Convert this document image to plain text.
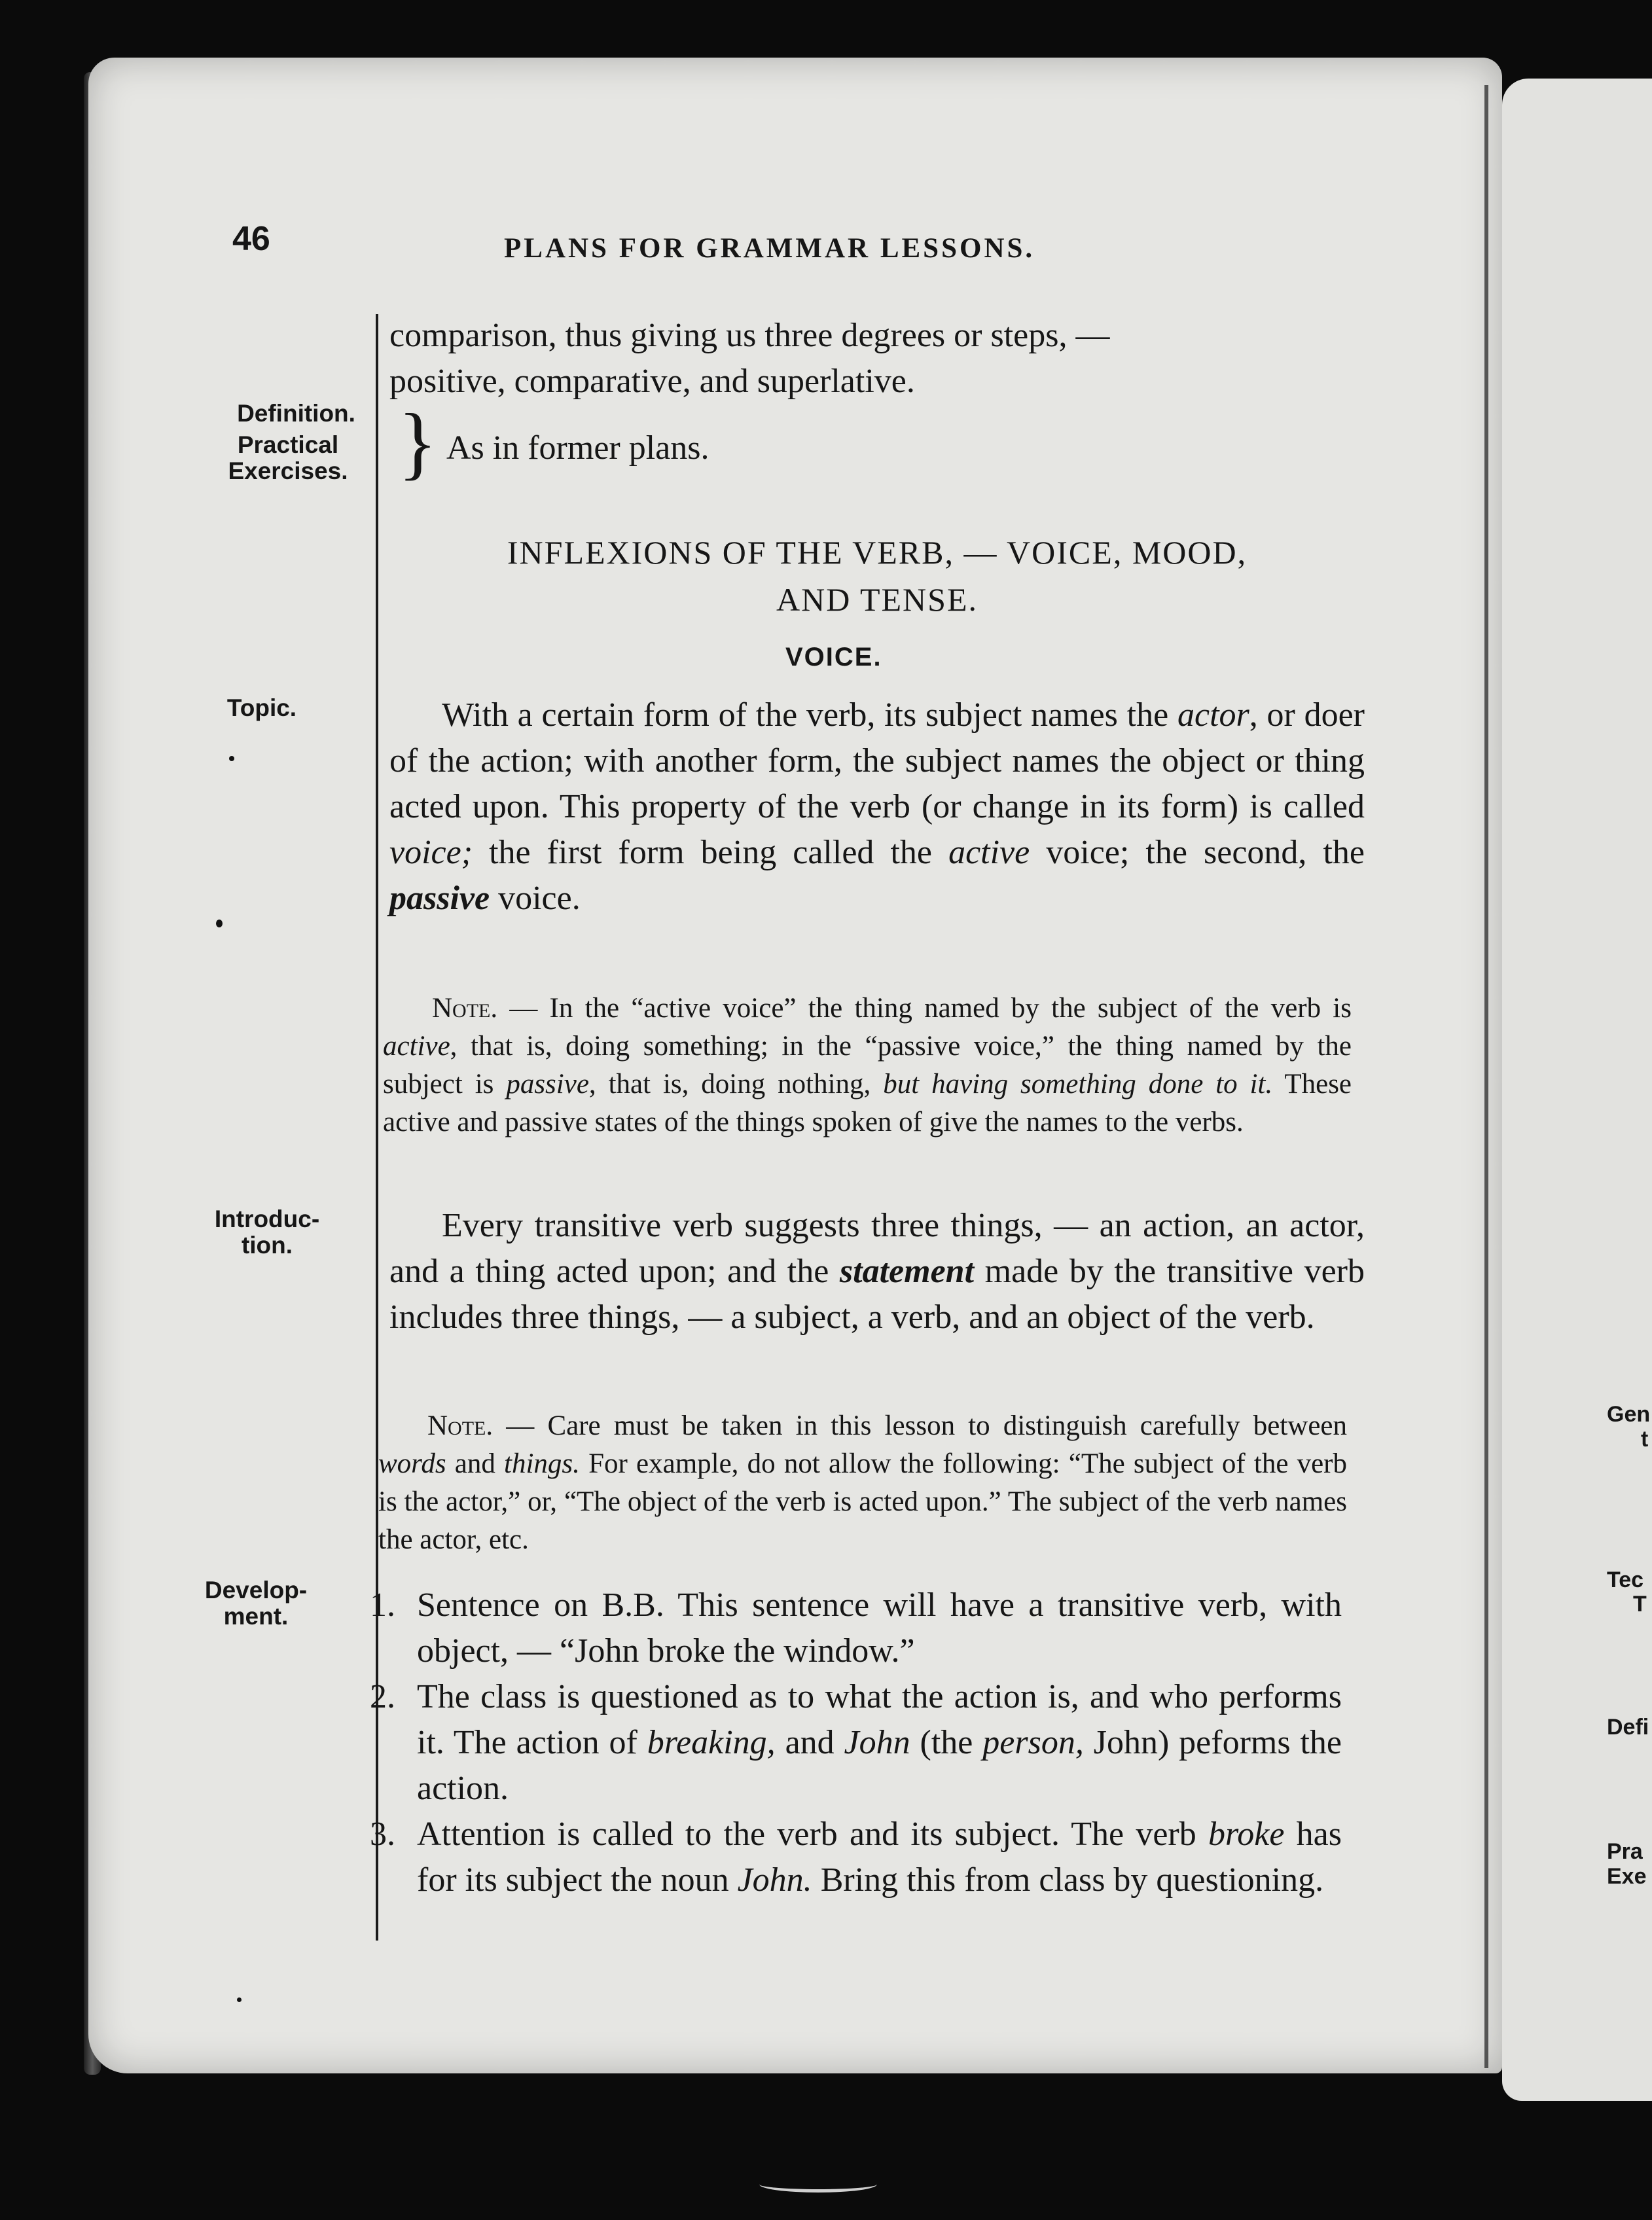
Gen
t
Tec
T
Defi
Pra
Exe
46	PLANS FOR GRAMMAR LESSONS.
Definition.
Practical Exercises.
Topic.
Introduc-tion.
Develop-ment.

comparison, thus giving us three degrees or steps, —

positive, comparative, and superlative.

} As in former plans.
INFLEXIONS OF THE VERB, — VOICE, MOOD,
AND TENSE.
VOICE.

With a certain form of the verb, its subject names the actor, or doer of the action; with another form, the subject names the object or thing acted upon. This property of the verb (or change in its form) is called voice; the first form being called the active voice; the second, the passive voice.

Note. — In the “active voice” the thing named by the subject of the verb is active, that is, doing something; in the “passive voice,” the thing named by the subject is passive, that is, doing nothing, but having something done to it. These active and passive states of the things spoken of give the names to the verbs.

Every transitive verb suggests three things, — an action, an actor, and a thing acted upon; and the statement made by the transitive verb includes three things, — a subject, a verb, and an object of the verb.

Note. — Care must be taken in this lesson to distinguish carefully between words and things. For example, do not allow the following: “The subject of the verb is the actor,” or, “The object of the verb is acted upon.” The subject of the verb names the actor, etc.

1. Sentence on B.B. This sentence will have a transitive verb, with object, — “John broke the window.”
2. The class is questioned as to what the action is, and who performs it. The action of breaking, and John (the person, John) peforms the action.
3. Attention is called to the verb and its subject. The verb broke has for its subject the noun John. Bring this from class by questioning.
